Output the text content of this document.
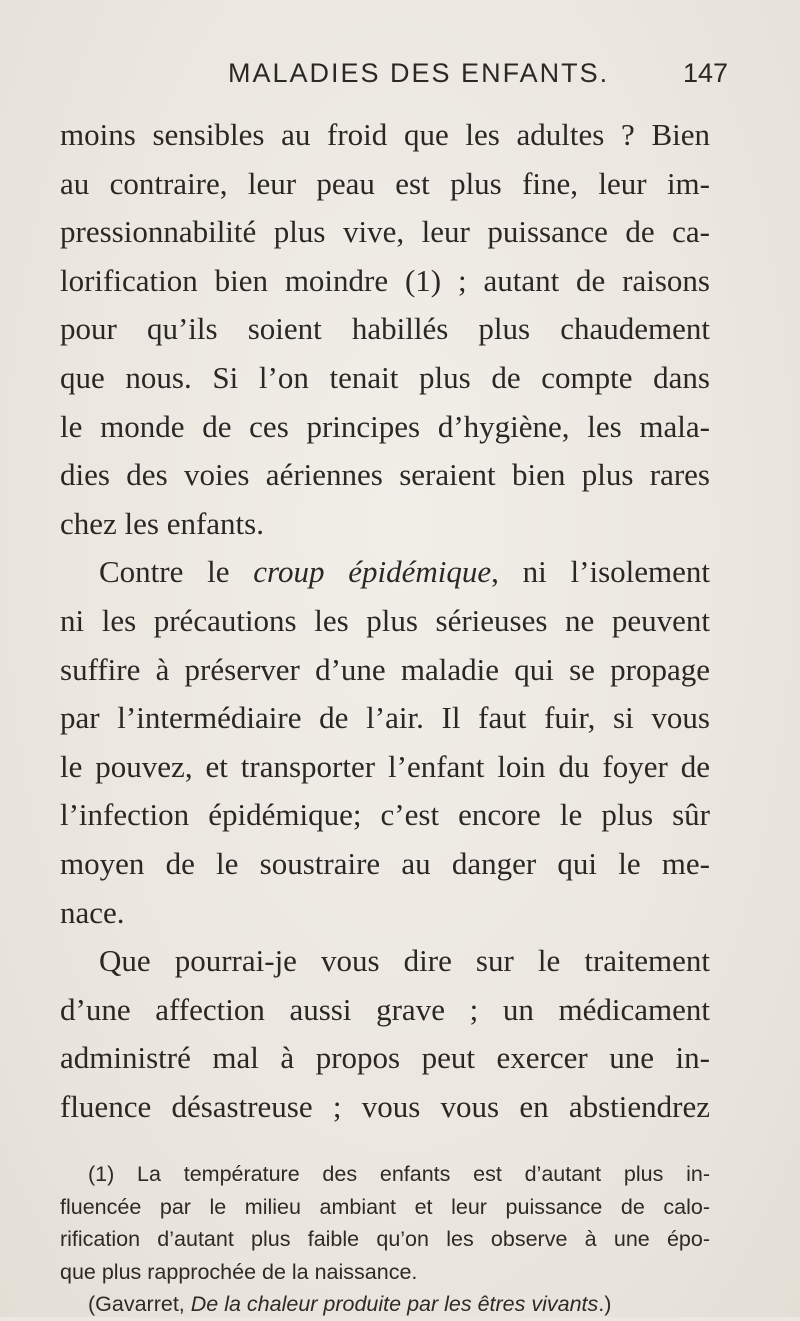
MALADIES DES ENFANTS.	147
moins sensibles au froid que les adultes ? Bien
au contraire, leur peau est plus fine, leur im-
pressionnabilité plus vive, leur puissance de ca-
lorification bien moindre (1) ; autant de raisons
pour qu’ils soient habillés plus chaudement
que nous. Si l’on tenait plus de compte dans
le monde de ces principes d’hygiène, les mala-
dies des voies aériennes seraient bien plus rares
chez les enfants.
Contre le croup épidémique, ni l’isolement
ni les précautions les plus sérieuses ne peuvent
suffire à préserver d’une maladie qui se propage
par l’intermédiaire de l’air. Il faut fuir, si vous
le pouvez, et transporter l’enfant loin du foyer de
l’infection épidémique; c’est encore le plus sûr
moyen de le soustraire au danger qui le me-
nace.
Que pourrai-je vous dire sur le traitement
d’une affection aussi grave ; un médicament
administré mal à propos peut exercer une in-
fluence désastreuse ; vous vous en abstiendrez
(1) La température des enfants est d’autant plus in-
fluencée par le milieu ambiant et leur puissance de calo-
rification d’autant plus faible qu’on les observe à une épo-
que plus rapprochée de la naissance.
(Gavarret, De la chaleur produite par les êtres vivants.)
